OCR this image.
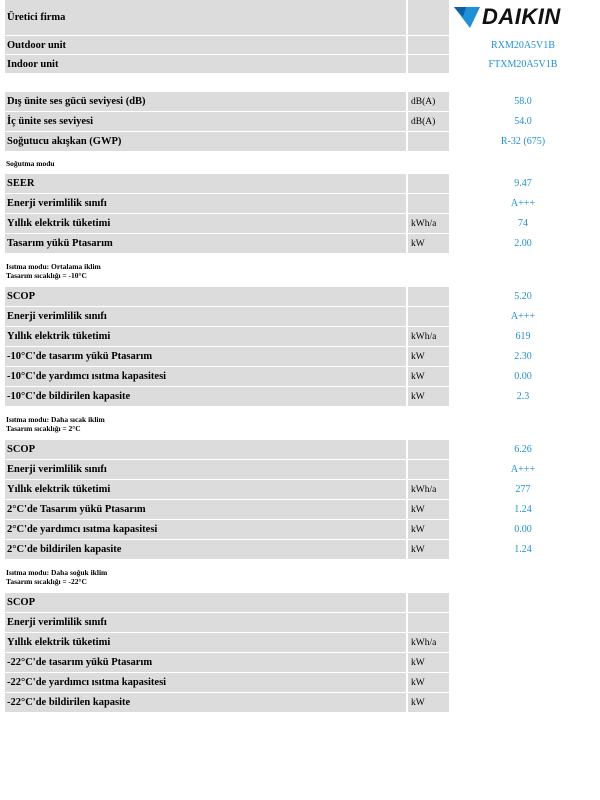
DAIKIN
Üretici firma
Outdoor unit	RXM20A5V1B
Indoor unit	FTXM20A5V1B
Dış ünite ses gücü seviyesi (dB)	dB(A)	58.0
İç ünite ses seviyesi	dB(A)	54.0
Soğutucu akışkan (GWP)	R-32 (675)
Soğutma modu
SEER	9.47
Enerji verimlilik sınıfı	A+++
Yıllık elektrik tüketimi	kWh/a	74
Tasarım yükü Ptasarım	kW	2.00
Isıtma modu: Ortalama iklim
Tasarım sıcaklığı = -10°C
SCOP	5.20
Enerji verimlilik sınıfı	A+++
Yıllık elektrik tüketimi	kWh/a	619
-10°C'de tasarım yükü Ptasarım	kW	2.30
-10°C'de yardımcı ısıtma kapasitesi	kW	0.00
-10°C'de bildirilen kapasite	kW	2.3
Isıtma modu: Daha sıcak iklim
Tasarım sıcaklığı = 2°C
SCOP	6.26
Enerji verimlilik sınıfı	A+++
Yıllık elektrik tüketimi	kWh/a	277
2°C'de Tasarım yükü Ptasarım	kW	1.24
2°C'de yardımcı ısıtma kapasitesi	kW	0.00
2°C'de bildirilen kapasite	kW	1.24
Isıtma modu: Daha soğuk iklim
Tasarım sıcaklığı = -22°C
SCOP
Enerji verimlilik sınıfı
Yıllık elektrik tüketimi	kWh/a
-22°C'de tasarım yükü Ptasarım	kW
-22°C'de yardımcı ısıtma kapasitesi	kW
-22°C'de bildirilen kapasite	kW
